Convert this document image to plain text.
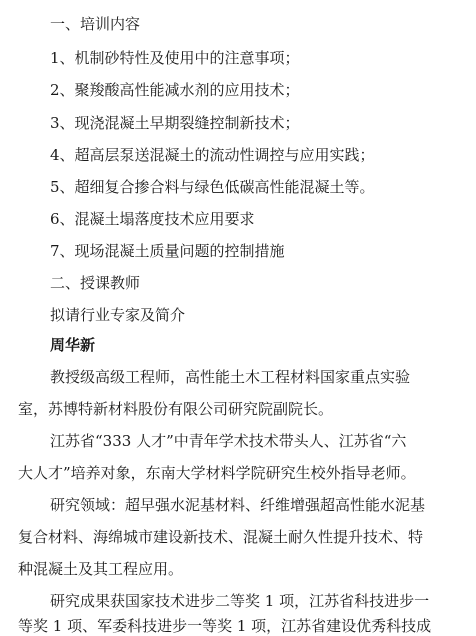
一、培训内容
1、机制砂特性及使用中的注意事项；
2、聚羧酸高性能减水剂的应用技术；
3、现浇混凝土早期裂缝控制新技术；
4、超高层泵送混凝土的流动性调控与应用实践；
5、超细复合掺合料与绿色低碳高性能混凝土等。
6、混凝土塌落度技术应用要求
7、现场混凝土质量问题的控制措施
二、授课教师
拟请行业专家及简介
周华新
教授级高级工程师，高性能土木工程材料国家重点实验
室，苏博特新材料股份有限公司研究院副院长。
江苏省“333 人才”中青年学术技术带头人、江苏省“六
大人才”培养对象，东南大学材料学院研究生校外指导老师。
研究领域：超早强水泥基材料、纤维增强超高性能水泥基
复合材料、海绵城市建设新技术、混凝土耐久性提升技术、特
种混凝土及其工程应用。
研究成果获国家技术进步二等奖 1 项，江苏省科技进步一
等奖 1 项、军委科技进步一等奖 1 项，江苏省建设优秀科技成
